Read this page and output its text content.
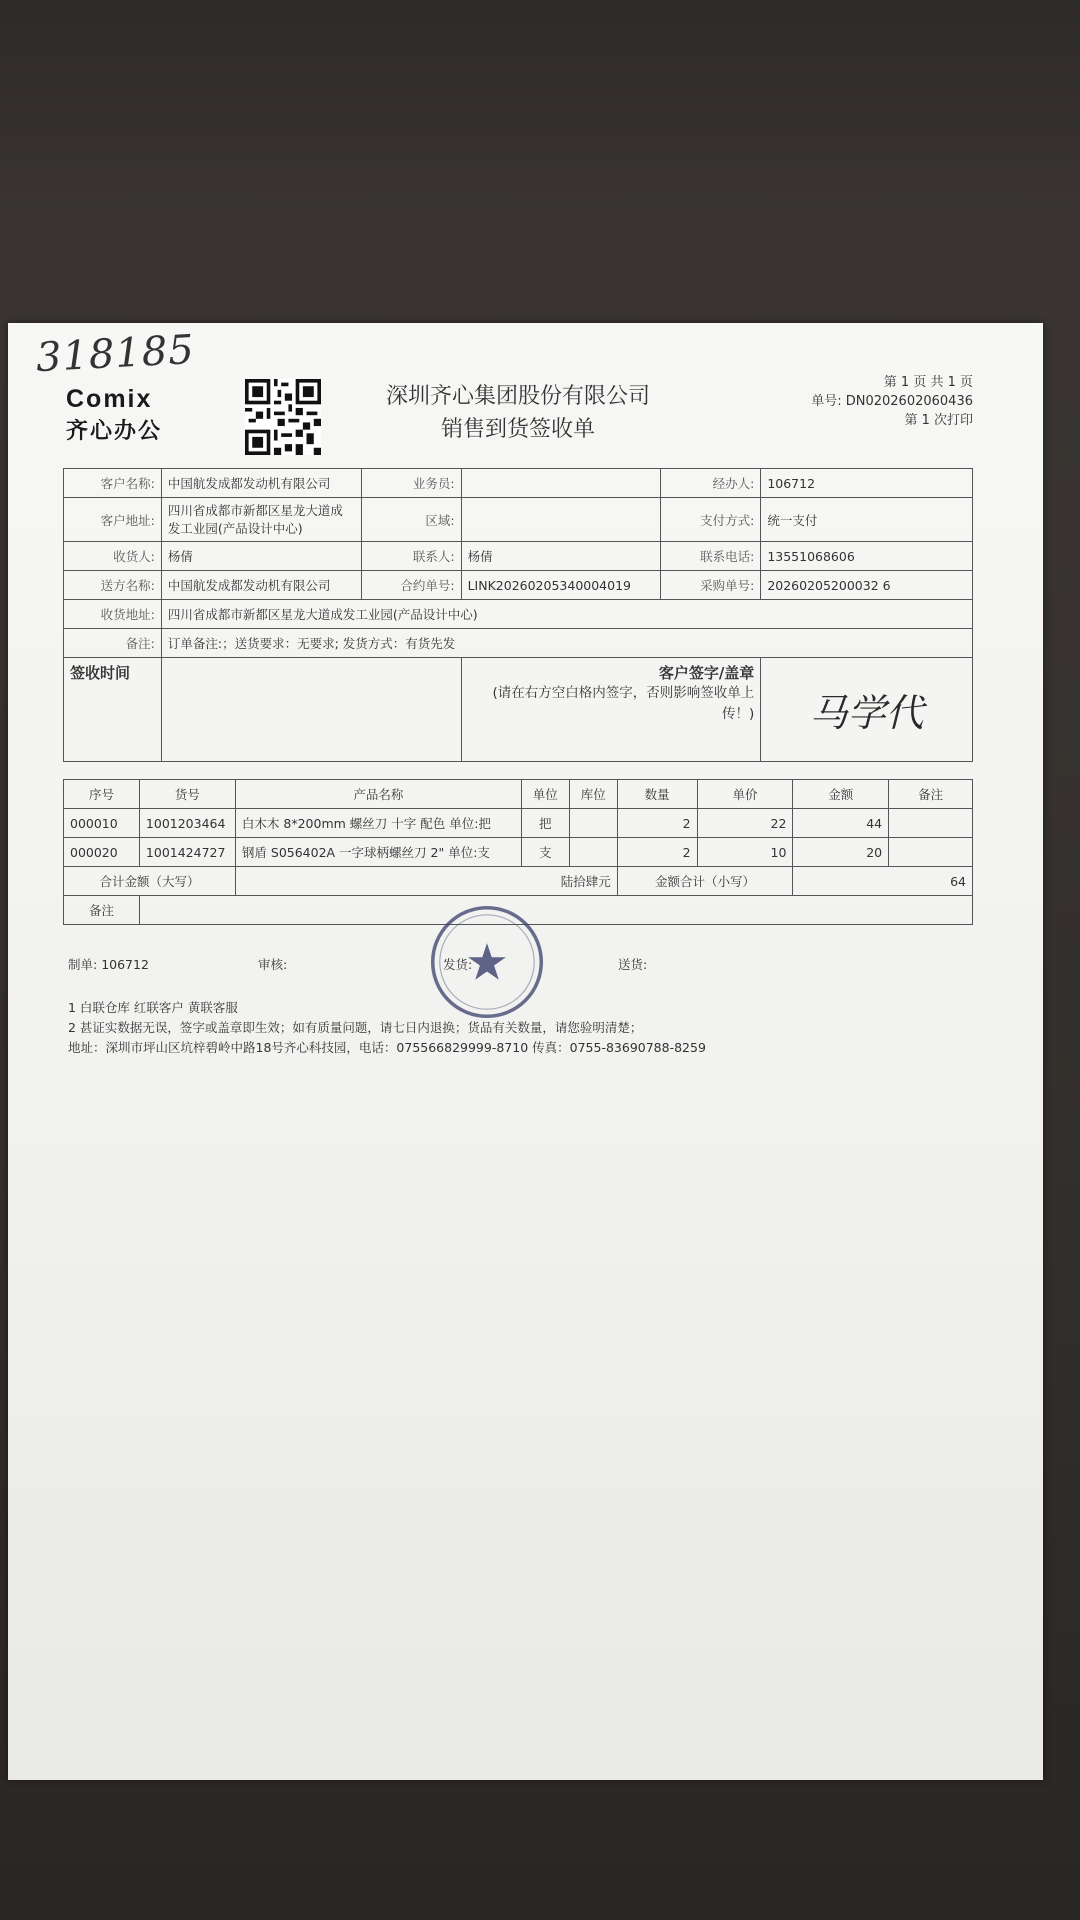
318185
Comix
齐心办公
深圳齐心集团股份有限公司
销售到货签收单
第 1 页 共 1 页
单号: DN0202602060436
第 1 次打印
客户名称:	中国航发成都发动机有限公司	业务员:		经办人:	106712
客户地址:	四川省成都市新都区星龙大道成发工业园(产品设计中心)	区域:		支付方式:	统一支付
收货人:	杨倩	联系人:	杨倩	联系电话:	13551068606
送方名称:	中国航发成都发动机有限公司	合约单号:	LINK20260205340004019	采购单号:	20260205200032 6
收货地址:	四川省成都市新都区星龙大道成发工业园(产品设计中心)				
备注:	订单备注:；送货要求：无要求; 发货方式：有货先发				
签收时间			客户签字/盖章
(请在右方空白格内签字，否则影响签收单上传！)		马学代
序号	货号	产品名称	单位	库位	数量	单价	金额	备注
000010	1001203464	白木木 8*200mm 螺丝刀 十字 配色 单位:把	把		2	22	44	
000020	1001424727	钢盾 S056402A 一字球柄螺丝刀 2" 单位:支	支		2	10	20	
合计金额（大写）		陆拾肆元			金额合计（小写）		64	
备注								
制单: 106712	审核:	发货:	送货:
1 白联仓库 红联客户 黄联客服
2 甚证实数据无误，签字或盖章即生效；如有质量问题，请七日内退换；货品有关数量，请您验明清楚；
地址：深圳市坪山区坑梓碧岭中路18号齐心科技园，电话：075566829999-8710 传真：0755-83690788-8259
